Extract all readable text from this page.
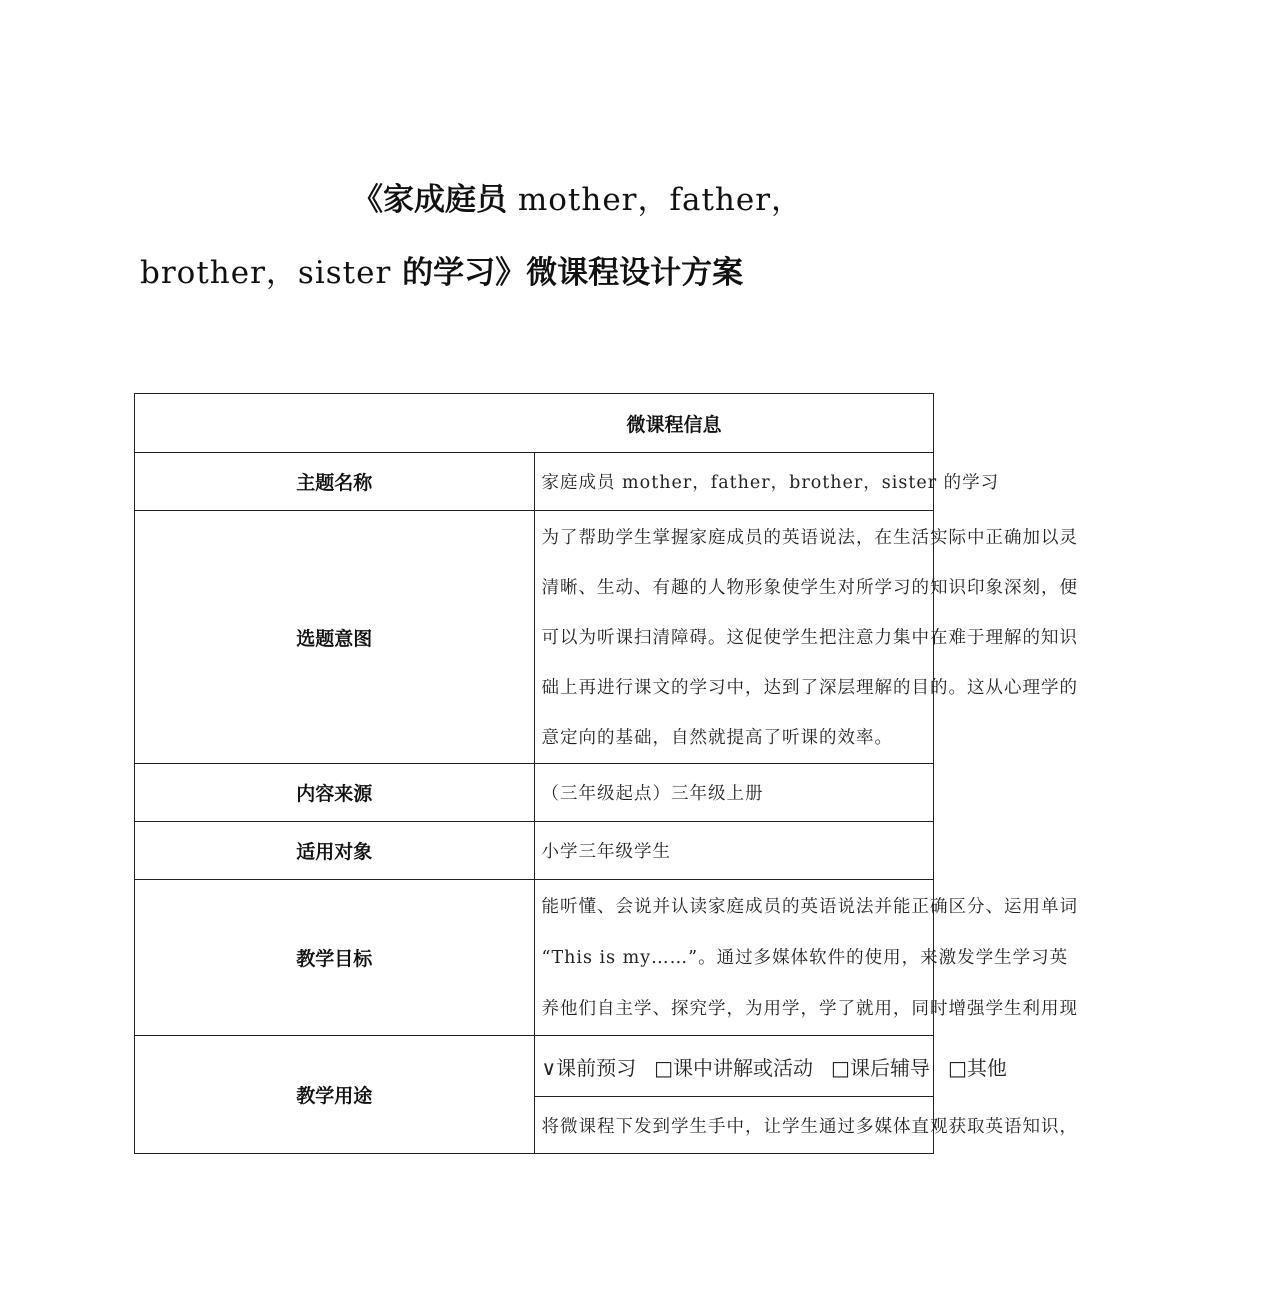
《家成庭员 mother，father，
brother，sister 的学习》微课程设计方案
微课程信息	
主题名称	家庭成员 mother，father，brother，sister 的学习
选题意图	为了帮助学生掌握家庭成员的英语说法，在生活实际中正确加以灵
清晰、生动、有趣的人物形象使学生对所学习的知识印象深刻，便
可以为听课扫清障碍。这促使学生把注意力集中在难于理解的知识
础上再进行课文的学习中，达到了深层理解的目的。这从心理学的
意定向的基础，自然就提高了听课的效率。

内容来源	（三年级起点）三年级上册
适用对象	小学三年级学生
教学目标	能听懂、会说并认读家庭成员的英语说法并能正确区分、运用单词
“This is my……”。通过多媒体软件的使用，来激发学生学习英
养他们自主学、探究学，为用学，学了就用，同时增强学生利用现

教学用途	∨课前预习 □课中讲解或活动 □课后辅导 □其他
将微课程下发到学生手中，让学生通过多媒体直观获取英语知识，
